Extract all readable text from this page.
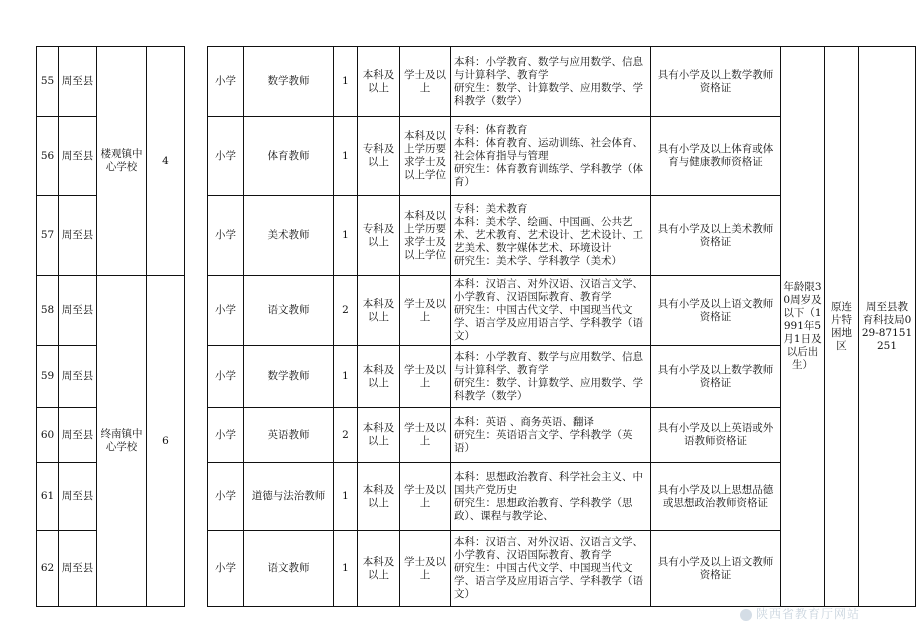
55	周至县	楼观镇中心学校	4		小学	数学教师	1	本科及以上	学士及以上	本科：小学教育、数学与应用数学、信息与计算科学、教育学
研究生：数学、计算数学、应用数学、学科教学（数学）	具有小学及以上数学教师资格证	年龄限30周岁及以下（1991年5月1日及以后出生）	原连片特困地区	周至县教育科技局029-87151251
56	周至县				小学	体育教师	1	专科及以上	本科及以上学历要求学士及以上学位	专科：体育教育
本科：体育教育、运动训练、社会体育、社会体育指导与管理
研究生：体育教育训练学、学科教学（体育）	具有小学及以上体育或体育与健康教师资格证			
57	周至县				小学	美术教师	1	专科及以上	本科及以上学历要求学士及以上学位	专科：美术教育
本科：美术学、绘画、中国画、公共艺术、艺术教育、艺术设计、艺术设计、工艺美术、数字媒体艺术、环境设计
研究生：美术学、学科教学（美术）	具有小学及以上美术教师资格证			
58	周至县	终南镇中心学校	6		小学	语文教师	2	本科及以上	学士及以上	本科：汉语言、对外汉语、汉语言文学、小学教育、汉语国际教育、教育学
研究生：中国古代文学、中国现当代文学、语言学及应用语言学、学科教学（语文）	具有小学及以上语文教师资格证			
59	周至县				小学	数学教师	1	本科及以上	学士及以上	本科：小学教育、数学与应用数学、信息与计算科学、教育学
研究生：数学、计算数学、应用数学、学科教学（数学）	具有小学及以上数学教师资格证			
60	周至县				小学	英语教师	2	本科及以上	学士及以上	本科：英语 、商务英语、翻译
研究生：英语语言文学、学科教学（英语）	具有小学及以上英语或外语教师资格证			
61	周至县				小学	道德与法治教师	1	本科及以上	学士及以上	本科：思想政治教育、科学社会主义、中国共产党历史
研究生：思想政治教育、学科教学（思政）、课程与教学论、	具有小学及以上思想品德或思想政治教师资格证			
62	周至县				小学	语文教师	1	本科及以上	学士及以上	本科：汉语言、对外汉语、汉语言文学、小学教育、汉语国际教育、教育学
研究生：中国古代文学、中国现当代文学、语言学及应用语言学、学科教学（语文）	具有小学及以上语文教师资格证			
陕西省教育厅网站
